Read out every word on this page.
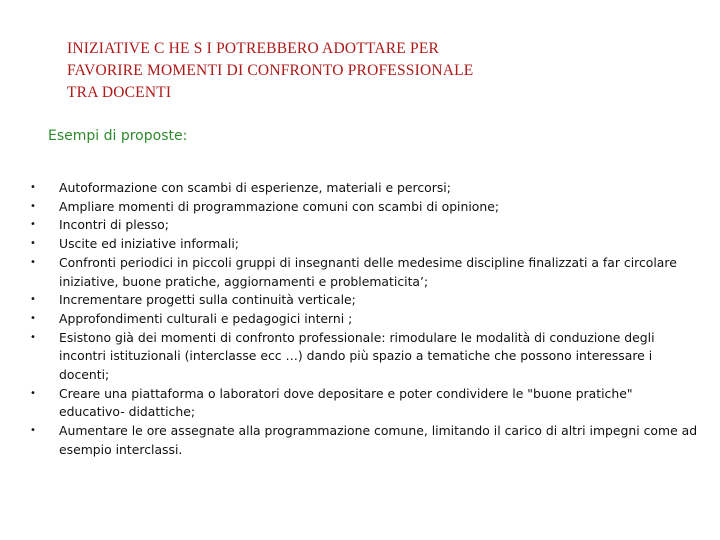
INIZIATIVE C HE S I POTREBBERO ADOTTARE PER
FAVORIRE MOMENTI DI CONFRONTO PROFESSIONALE
TRA DOCENTI
Esempi di proposte:
•	Autoformazione con scambi di esperienze, materiali e percorsi;
•	Ampliare momenti di programmazione comuni con scambi di opinione;
•	Incontri di plesso;
•	Uscite ed iniziative informali;
•	Confronti periodici in piccoli gruppi di insegnanti delle medesime discipline finalizzati a far circolare iniziative, buone pratiche, aggiornamenti e problematicita’;
•	Incrementare progetti sulla continuità verticale;
•	Approfondimenti culturali e pedagogici interni ;
•	Esistono già dei momenti di confronto professionale: rimodulare le modalità di conduzione degli incontri istituzionali (interclasse ecc …) dando più spazio a tematiche che possono interessare i docenti;
•	Creare una piattaforma o laboratori dove depositare e poter condividere le "buone pratiche" educativo- didattiche;
•	Aumentare le ore assegnate alla programmazione comune, limitando il carico di altri impegni come ad esempio interclassi.
